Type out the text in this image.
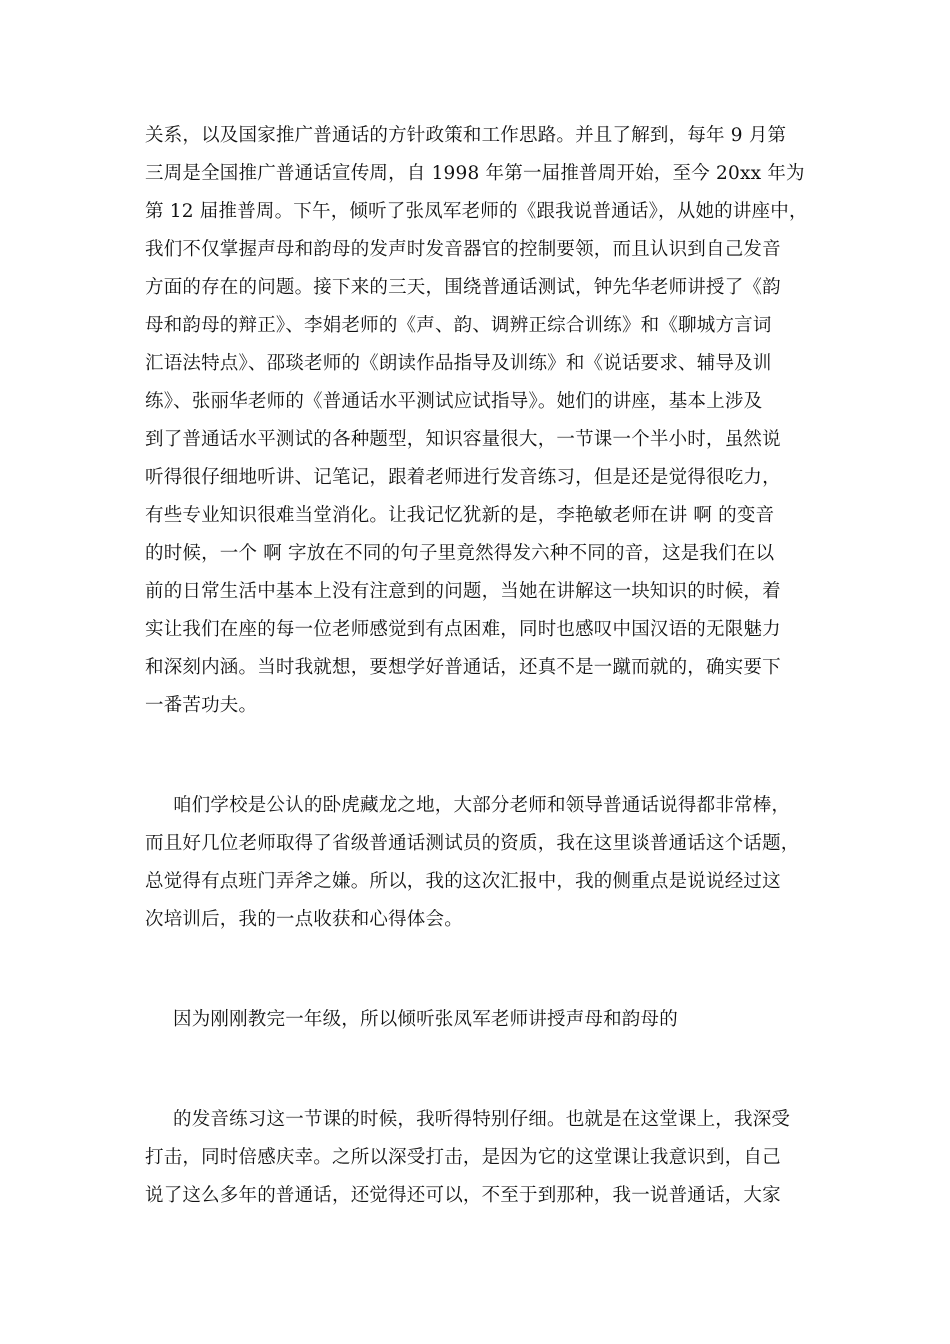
关系，以及国家推广普通话的方针政策和工作思路。并且了解到，每年 9 月第
三周是全国推广普通话宣传周，自 1998 年第一届推普周开始，至今 20xx 年为
第 12 届推普周。下午，倾听了张凤军老师的《跟我说普通话》，从她的讲座中，
我们不仅掌握声母和韵母的发声时发音器官的控制要领，而且认识到自己发音
方面的存在的问题。接下来的三天，围绕普通话测试，钟先华老师讲授了《韵
母和韵母的辩正》、李娟老师的《声、韵、调辨正综合训练》和《聊城方言词
汇语法特点》、邵琰老师的《朗读作品指导及训练》和《说话要求、辅导及训
练》、张丽华老师的《普通话水平测试应试指导》。她们的讲座，基本上涉及
到了普通话水平测试的各种题型，知识容量很大，一节课一个半小时，虽然说
听得很仔细地听讲、记笔记，跟着老师进行发音练习，但是还是觉得很吃力，
有些专业知识很难当堂消化。让我记忆犹新的是，李艳敏老师在讲 啊 的变音
的时候，一个 啊 字放在不同的句子里竟然得发六种不同的音，这是我们在以
前的日常生活中基本上没有注意到的问题，当她在讲解这一块知识的时候，着
实让我们在座的每一位老师感觉到有点困难，同时也感叹中国汉语的无限魅力
和深刻内涵。当时我就想，要想学好普通话，还真不是一蹴而就的，确实要下
一番苦功夫。
咱们学校是公认的卧虎藏龙之地，大部分老师和领导普通话说得都非常棒，
而且好几位老师取得了省级普通话测试员的资质，我在这里谈普通话这个话题，
总觉得有点班门弄斧之嫌。所以，我的这次汇报中，我的侧重点是说说经过这
次培训后，我的一点收获和心得体会。
因为刚刚教完一年级，所以倾听张凤军老师讲授声母和韵母的
的发音练习这一节课的时候，我听得特别仔细。也就是在这堂课上，我深受
打击，同时倍感庆幸。之所以深受打击，是因为它的这堂课让我意识到，自己
说了这么多年的普通话，还觉得还可以，不至于到那种，我一说普通话，大家
